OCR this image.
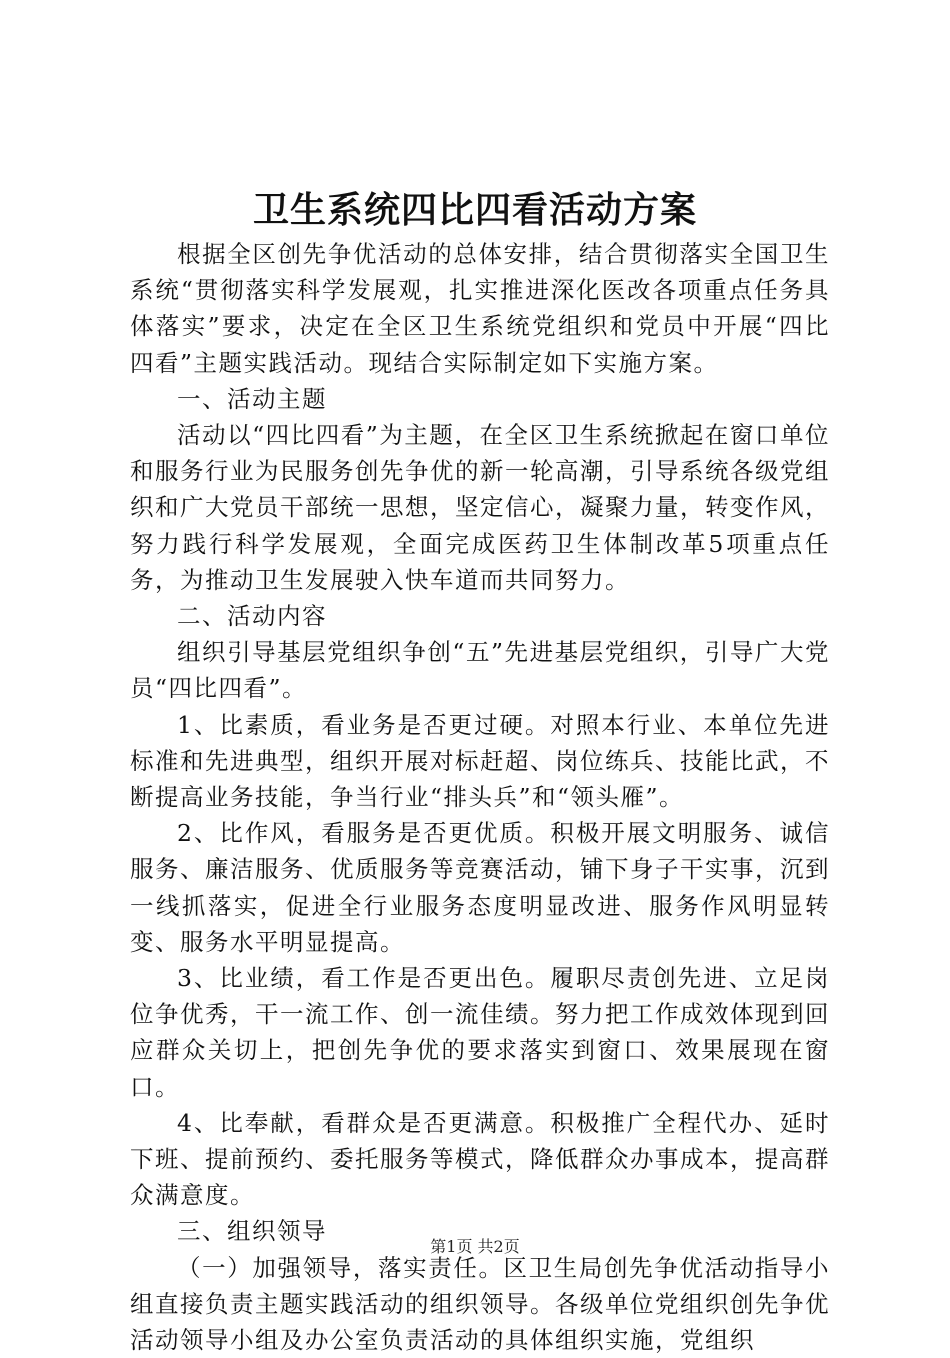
卫生系统四比四看活动方案

根据全区创先争优活动的总体安排，结合贯彻落实全国卫生系统“贯彻落实科学发展观，扎实推进深化医改各项重点任务具体落实”要求，决定在全区卫生系统党组织和党员中开展“四比四看”主题实践活动。现结合实际制定如下实施方案。

一、活动主题

活动以“四比四看”为主题，在全区卫生系统掀起在窗口单位和服务行业为民服务创先争优的新一轮高潮，引导系统各级党组织和广大党员干部统一思想，坚定信心，凝聚力量，转变作风，努力践行科学发展观，全面完成医药卫生体制改革5项重点任务，为推动卫生发展驶入快车道而共同努力。

二、活动内容

组织引导基层党组织争创“五”先进基层党组织，引导广大党员“四比四看”。

1、比素质，看业务是否更过硬。对照本行业、本单位先进标准和先进典型，组织开展对标赶超、岗位练兵、技能比武，不断提高业务技能，争当行业“排头兵”和“领头雁”。

2、比作风，看服务是否更优质。积极开展文明服务、诚信服务、廉洁服务、优质服务等竞赛活动，铺下身子干实事，沉到一线抓落实，促进全行业服务态度明显改进、服务作风明显转变、服务水平明显提高。

3、比业绩，看工作是否更出色。履职尽责创先进、立足岗位争优秀，干一流工作、创一流佳绩。努力把工作成效体现到回应群众关切上，把创先争优的要求落实到窗口、效果展现在窗口。

4、比奉献，看群众是否更满意。积极推广全程代办、延时下班、提前预约、委托服务等模式，降低群众办事成本，提高群众满意度。

三、组织领导

（一）加强领导，落实责任。区卫生局创先争优活动指导小组直接负责主题实践活动的组织领导。各级单位党组织创先争优活动领导小组及办公室负责活动的具体组织实施，党组织

第1页 共2页
